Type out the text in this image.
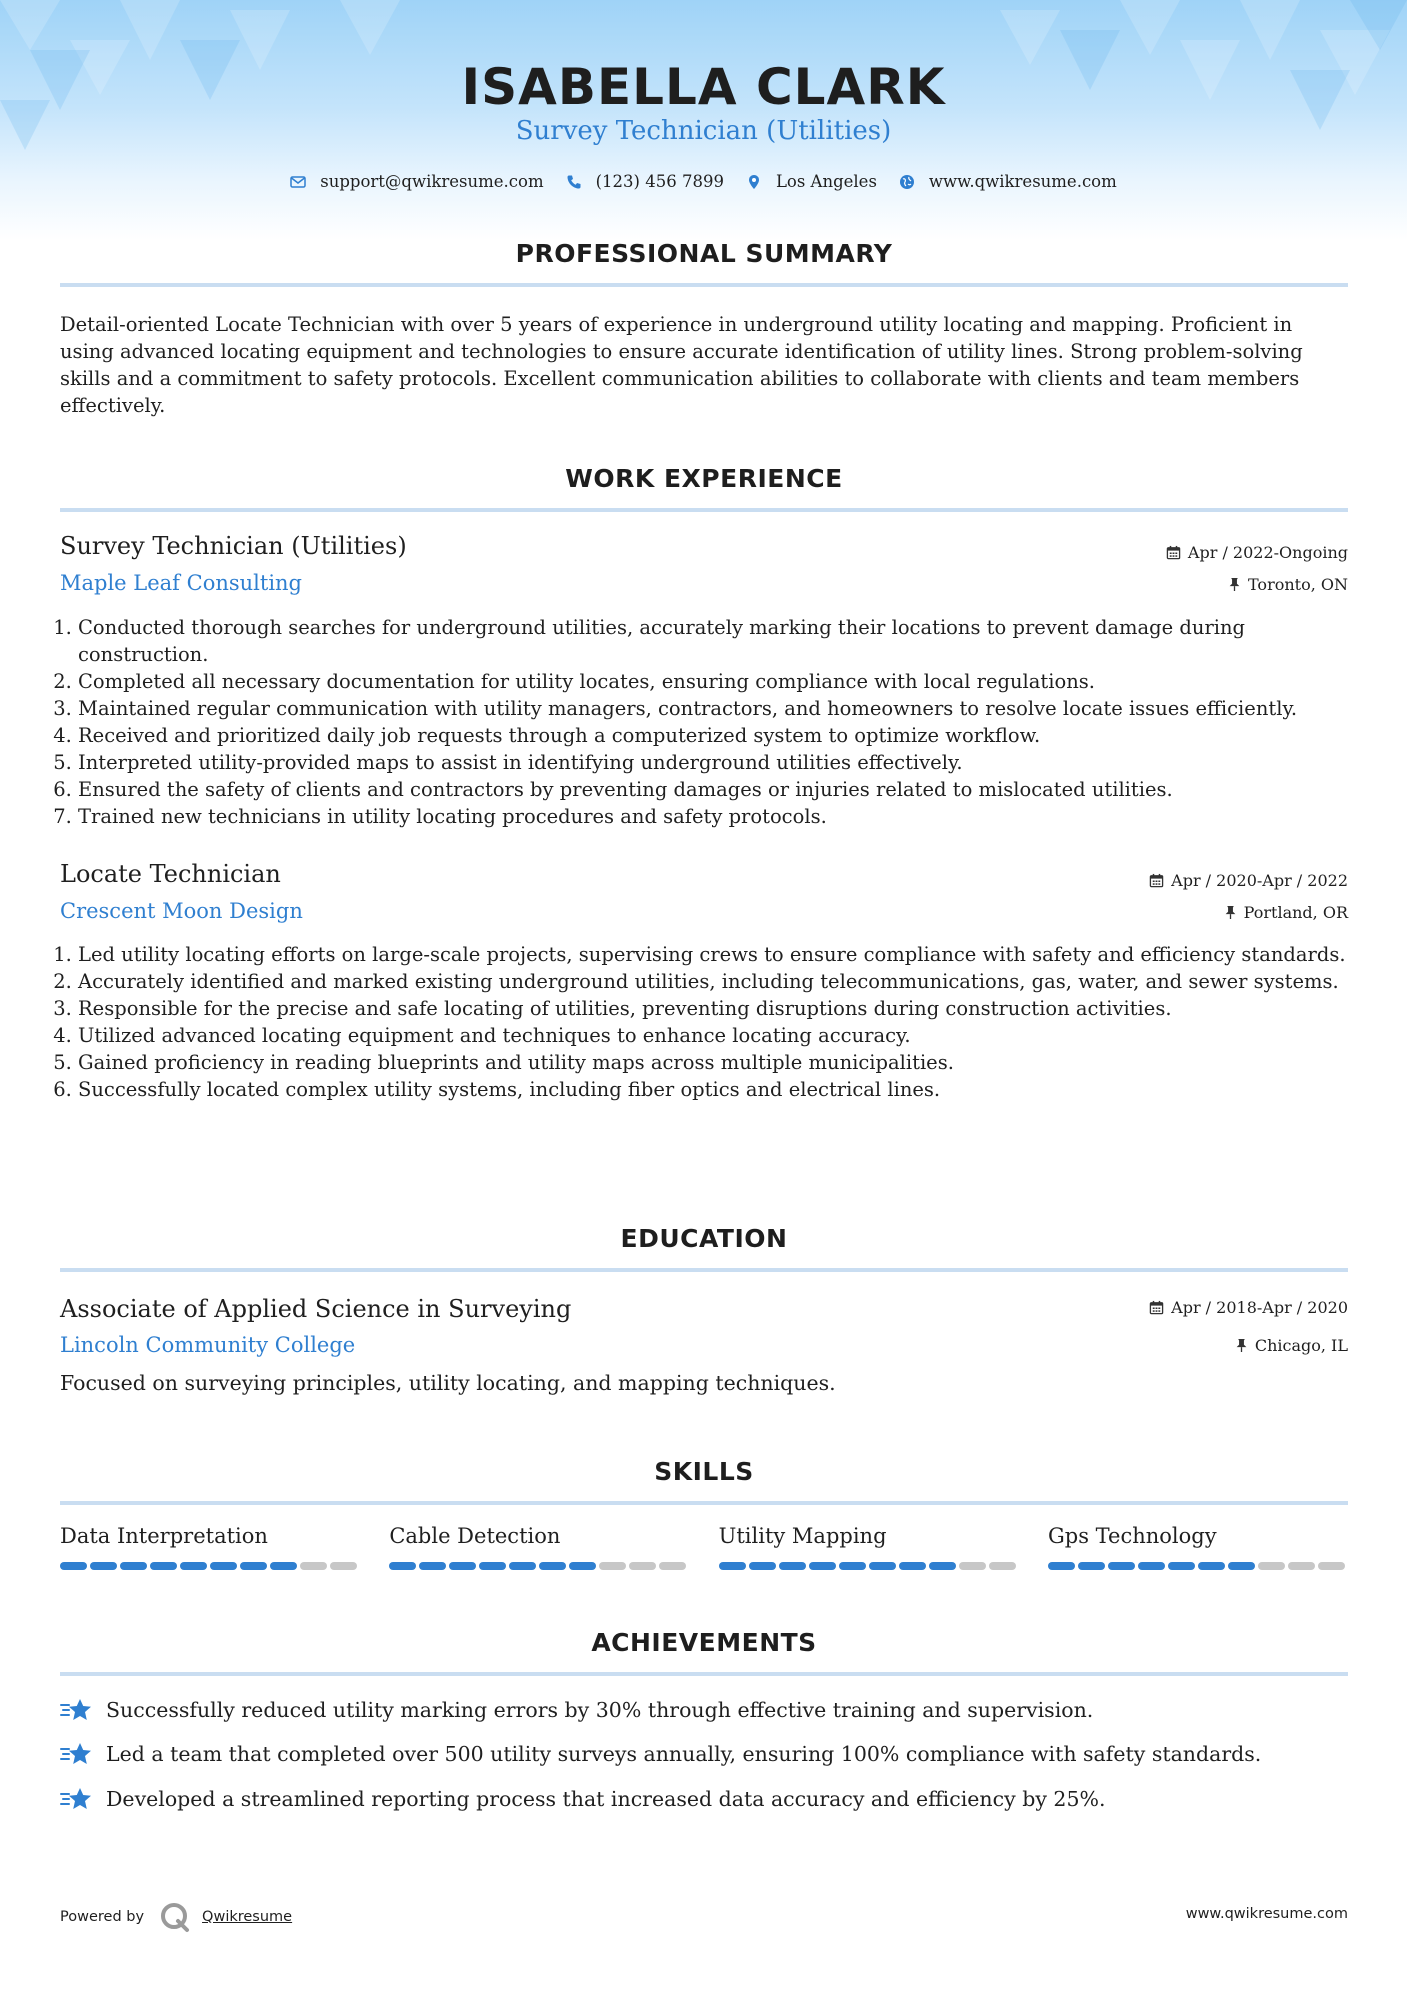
ISABELLA CLARK
Survey Technician (Utilities)
support@qwikresume.com	(123) 456 7899	Los Angeles	www.qwikresume.com
PROFESSIONAL SUMMARY
Detail-oriented Locate Technician with over 5 years of experience in underground utility locating and mapping. Proficient in using advanced locating equipment and technologies to ensure accurate identification of utility lines. Strong problem-solving skills and a commitment to safety protocols. Excellent communication abilities to collaborate with clients and team members effectively.
WORK EXPERIENCE
Survey Technician (Utilities)	Apr / 2022-Ongoing
Maple Leaf Consulting	Toronto, ON
1. Conducted thorough searches for underground utilities, accurately marking their locations to prevent damage during construction.
2. Completed all necessary documentation for utility locates, ensuring compliance with local regulations.
3. Maintained regular communication with utility managers, contractors, and homeowners to resolve locate issues efficiently.
4. Received and prioritized daily job requests through a computerized system to optimize workflow.
5. Interpreted utility-provided maps to assist in identifying underground utilities effectively.
6. Ensured the safety of clients and contractors by preventing damages or injuries related to mislocated utilities.
7. Trained new technicians in utility locating procedures and safety protocols.
Locate Technician	Apr / 2020-Apr / 2022
Crescent Moon Design	Portland, OR
1. Led utility locating efforts on large-scale projects, supervising crews to ensure compliance with safety and efficiency standards.
2. Accurately identified and marked existing underground utilities, including telecommunications, gas, water, and sewer systems.
3. Responsible for the precise and safe locating of utilities, preventing disruptions during construction activities.
4. Utilized advanced locating equipment and techniques to enhance locating accuracy.
5. Gained proficiency in reading blueprints and utility maps across multiple municipalities.
6. Successfully located complex utility systems, including fiber optics and electrical lines.
EDUCATION
Associate of Applied Science in Surveying	Apr / 2018-Apr / 2020
Lincoln Community College	Chicago, IL
Focused on surveying principles, utility locating, and mapping techniques.
SKILLS
Data Interpretation	Cable Detection	Utility Mapping	Gps Technology
ACHIEVEMENTS
Successfully reduced utility marking errors by 30% through effective training and supervision.
Led a team that completed over 500 utility surveys annually, ensuring 100% compliance with safety standards.
Developed a streamlined reporting process that increased data accuracy and efficiency by 25%.
Powered by	Qwikresume	www.qwikresume.com
